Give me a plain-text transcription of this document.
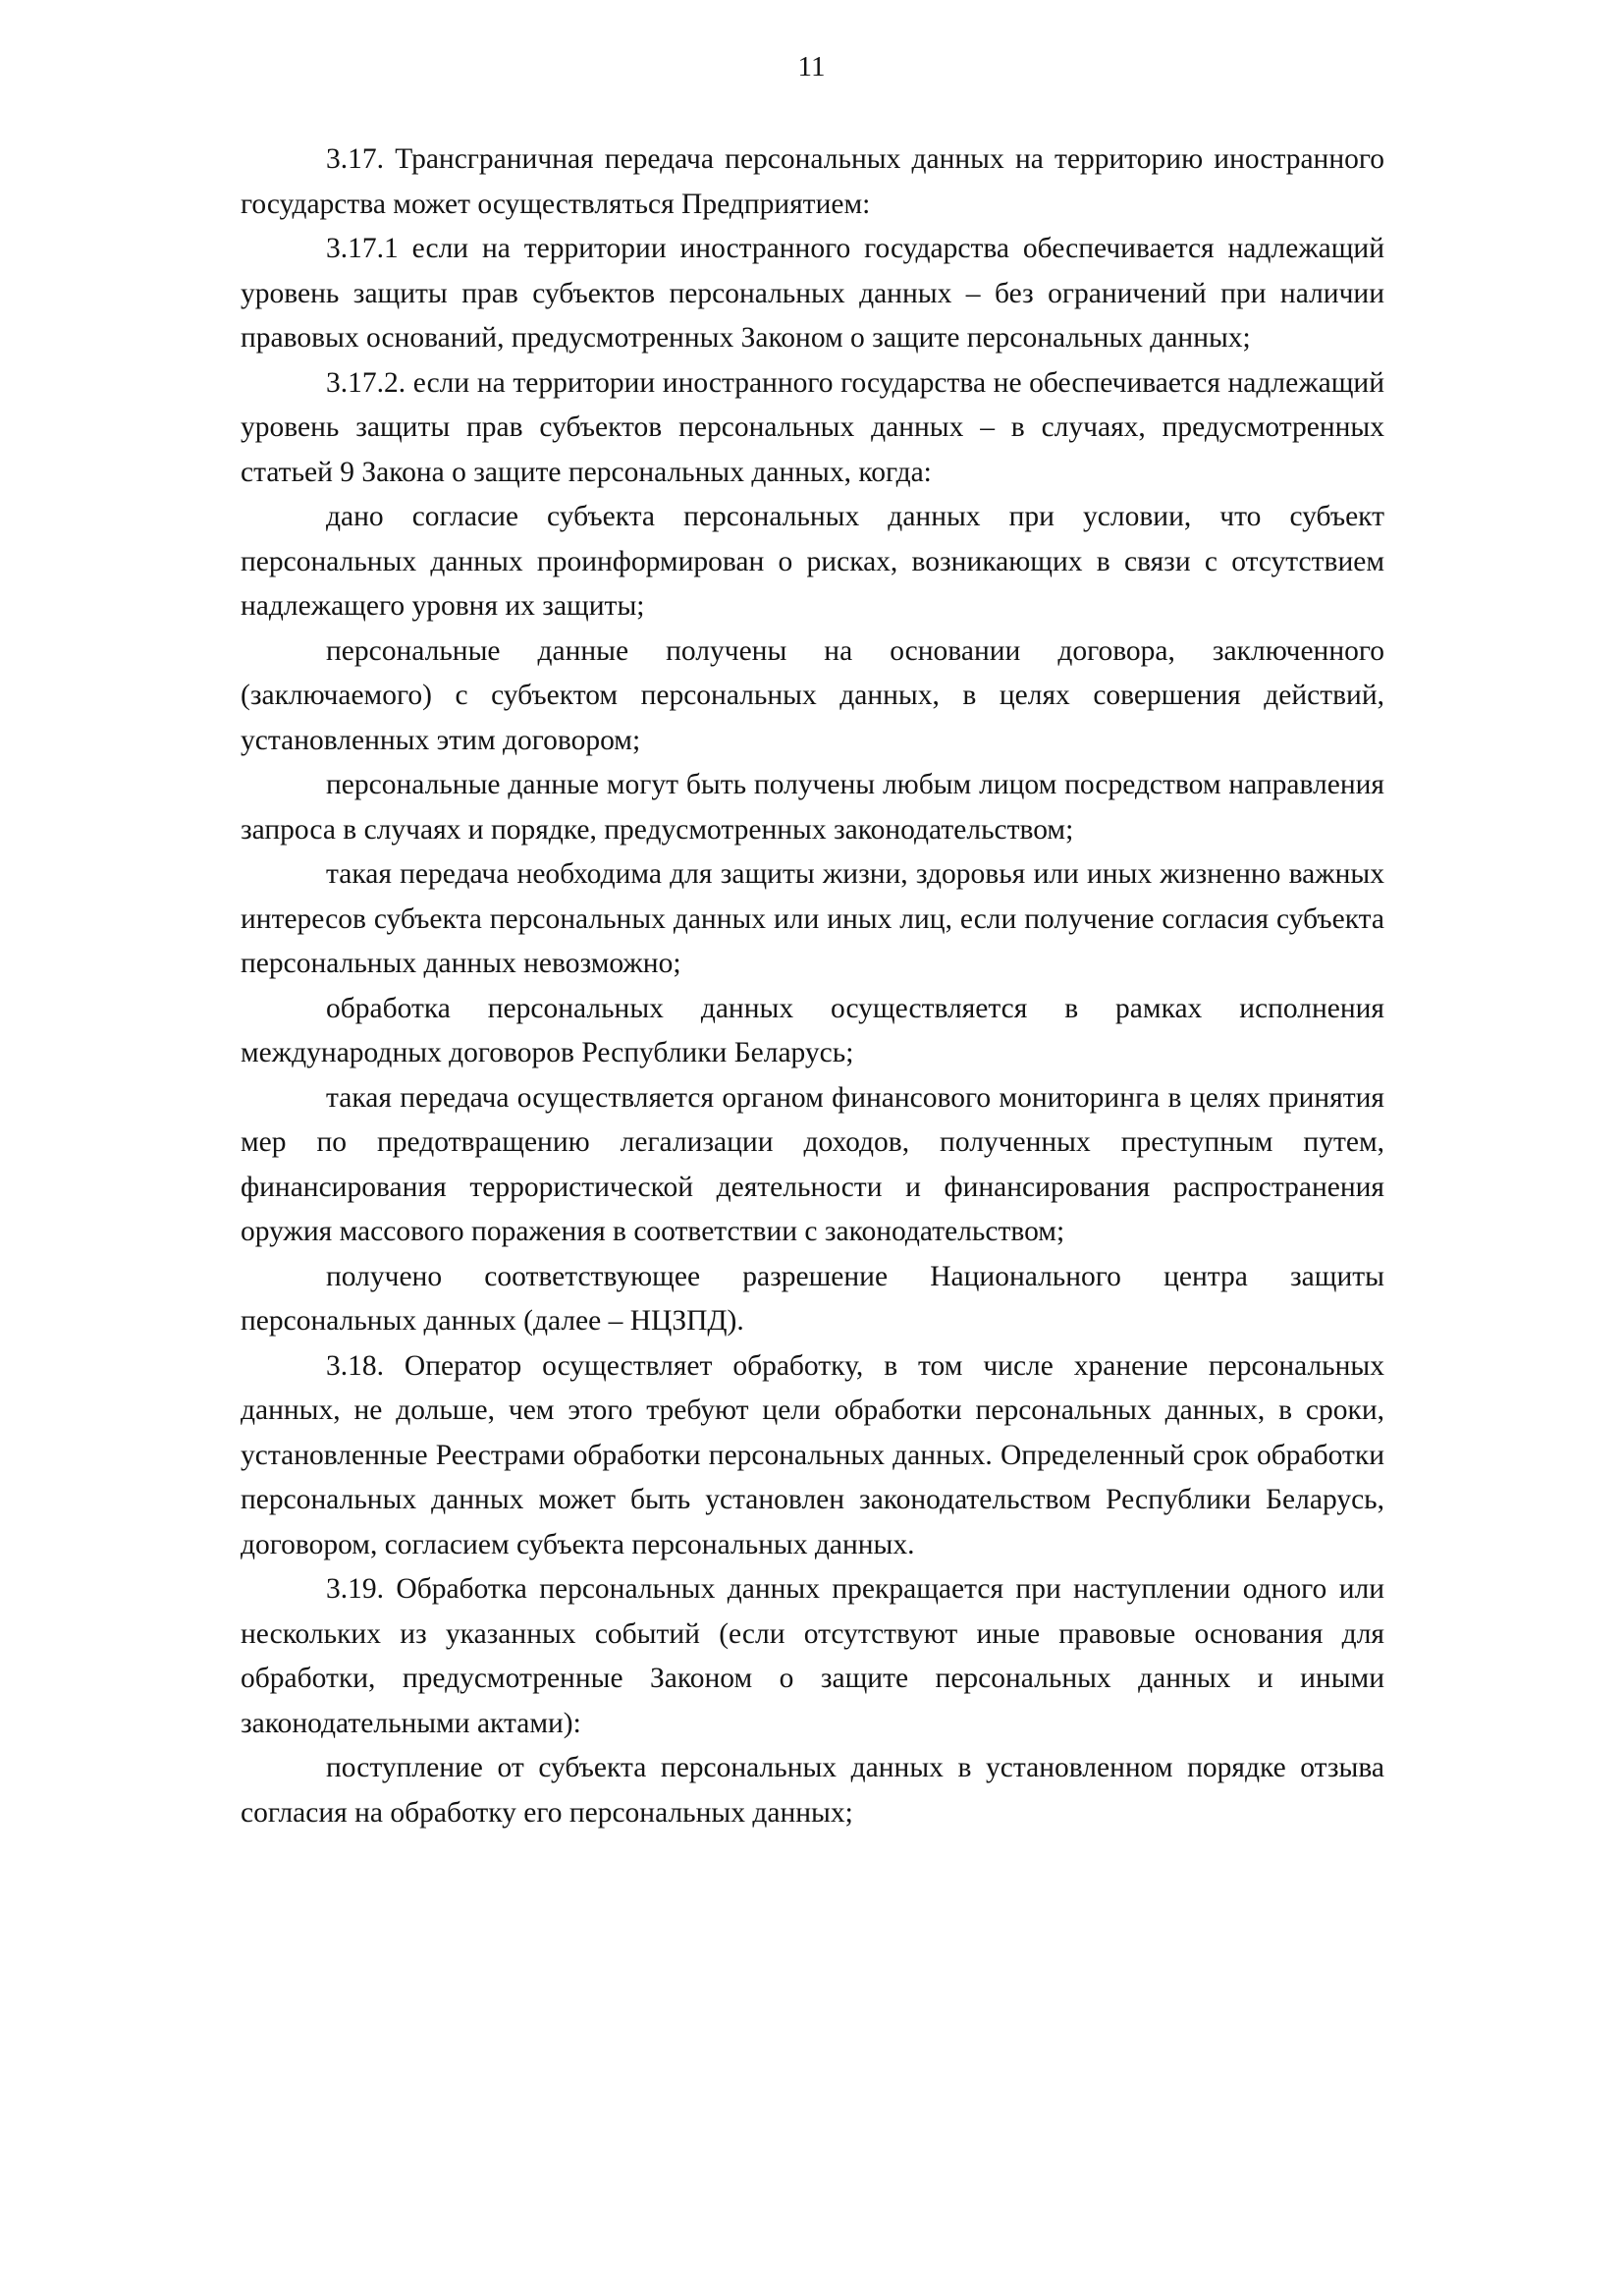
11

3.17. Трансграничная передача персональных данных на территорию иностранного государства может осуществляться Предприятием:

3.17.1 если на территории иностранного государства обеспечивается надлежащий уровень защиты прав субъектов персональных данных – без ограничений при наличии правовых оснований, предусмотренных Законом о защите персональных данных;

3.17.2. если на территории иностранного государства не обеспечивается надлежащий уровень защиты прав субъектов персональных данных – в случаях, предусмотренных статьей 9 Закона о защите персональных данных, когда:

дано согласие субъекта персональных данных при условии, что субъект персональных данных проинформирован о рисках, возникающих в связи с отсутствием надлежащего уровня их защиты;

персональные данные получены на основании договора, заключенного (заключаемого) с субъектом персональных данных, в целях совершения действий, установленных этим договором;

персональные данные могут быть получены любым лицом посредством направления запроса в случаях и порядке, предусмотренных законодательством;

такая передача необходима для защиты жизни, здоровья или иных жизненно важных интересов субъекта персональных данных или иных лиц, если получение согласия субъекта персональных данных невозможно;

обработка персональных данных осуществляется в рамках исполнения международных договоров Республики Беларусь;

такая передача осуществляется органом финансового мониторинга в целях принятия мер по предотвращению легализации доходов, полученных преступным путем, финансирования террористической деятельности и финансирования распространения оружия массового поражения в соответствии с законодательством;

получено соответствующее разрешение Национального центра защиты персональных данных (далее – НЦЗПД).

3.18. Оператор осуществляет обработку, в том числе хранение персональных данных, не дольше, чем этого требуют цели обработки персональных данных, в сроки, установленные Реестрами обработки персональных данных. Определенный срок обработки персональных данных может быть установлен законодательством Республики Беларусь, договором, согласием субъекта персональных данных.

3.19. Обработка персональных данных прекращается при наступлении одного или нескольких из указанных событий (если отсутствуют иные правовые основания для обработки, предусмотренные Законом о защите персональных данных и иными законодательными актами):

поступление от субъекта персональных данных в установленном порядке отзыва согласия на обработку его персональных данных;
